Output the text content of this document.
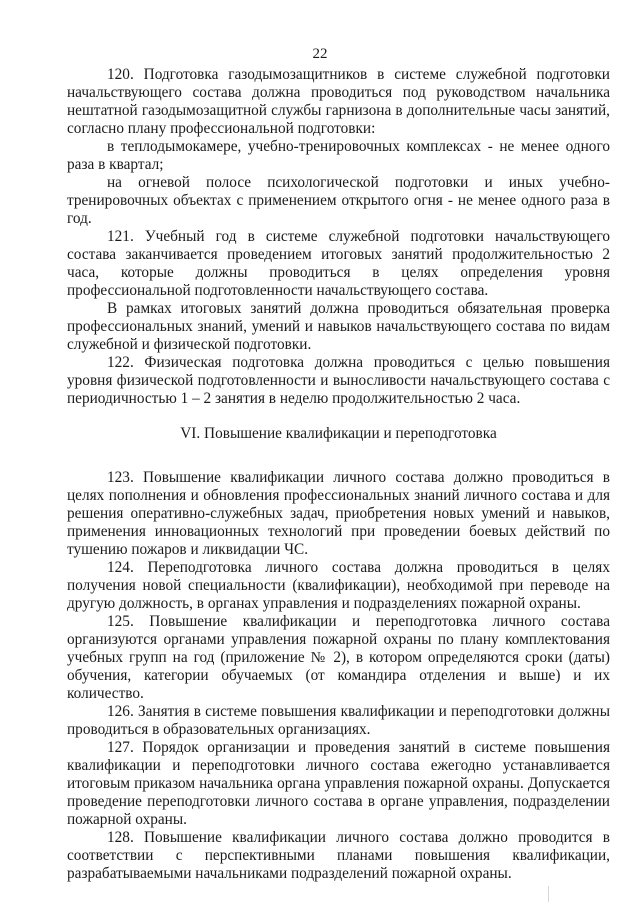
22

120. Подготовка газодымозащитников в системе служебной подготовки начальствующего состава должна проводиться под руководством начальника нештатной газодымозащитной службы гарнизона в дополнительные часы занятий, согласно плану профессиональной подготовки:

в теплодымокамере, учебно-тренировочных комплексах - не менее одного раза в квартал;

на огневой полосе психологической подготовки и иных учебно-тренировочных объектах с применением открытого огня - не менее одного раза в год.

121. Учебный год в системе служебной подготовки начальствующего состава заканчивается проведением итоговых занятий продолжительностью 2 часа, которые должны проводиться в целях определения уровня профессиональной подготовленности начальствующего состава.

В рамках итоговых занятий должна проводиться обязательная проверка профессиональных знаний, умений и навыков начальствующего состава по видам служебной и физической подготовки.

122. Физическая подготовка должна проводиться с целью повышения уровня физической подготовленности и выносливости начальствующего состава с периодичностью 1 – 2 занятия в неделю продолжительностью 2 часа.

VI. Повышение квалификации и переподготовка

123. Повышение квалификации личного состава должно проводиться в целях пополнения и обновления профессиональных знаний личного состава и для решения оперативно-служебных задач, приобретения новых умений и навыков, применения инновационных технологий при проведении боевых действий по тушению пожаров и ликвидации ЧС.

124. Переподготовка личного состава должна проводиться в целях получения новой специальности (квалификации), необходимой при переводе на другую должность, в органах управления и подразделениях пожарной охраны.

125. Повышение квалификации и переподготовка личного состава организуются органами управления пожарной охраны по плану комплектования учебных групп на год (приложение № 2), в котором определяются сроки (даты) обучения, категории обучаемых (от командира отделения и выше) и их количество.

126. Занятия в системе повышения квалификации и переподготовки должны проводиться в образовательных организациях.

127. Порядок организации и проведения занятий в системе повышения квалификации и переподготовки личного состава ежегодно устанавливается итоговым приказом начальника органа управления пожарной охраны. Допускается проведение переподготовки личного состава в органе управления, подразделении пожарной охраны.

128. Повышение квалификации личного состава должно проводится в соответствии с перспективными планами повышения квалификации, разрабатываемыми начальниками подразделений пожарной охраны.
